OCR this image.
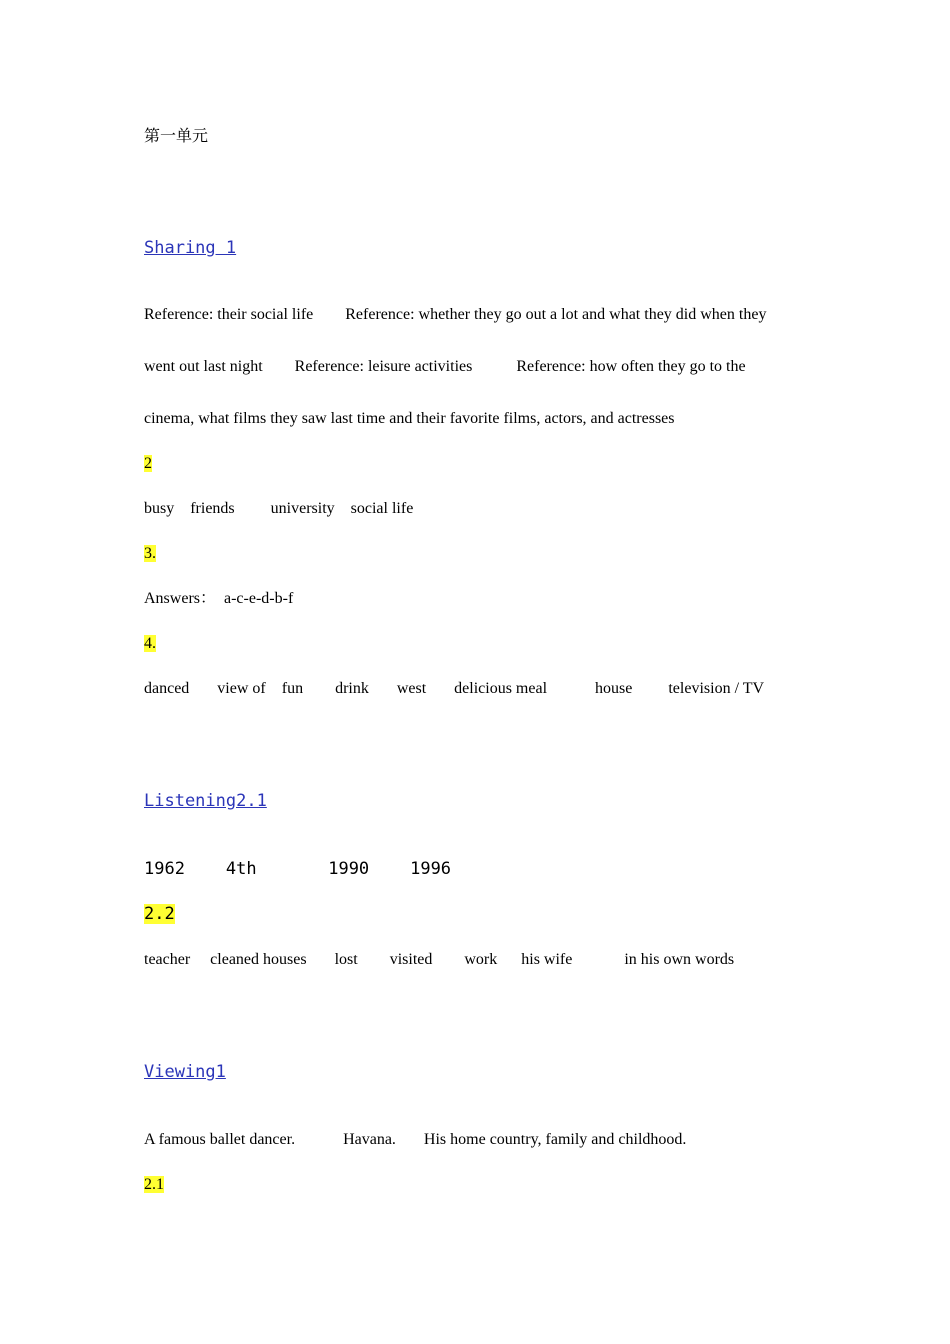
第一单元
Sharing 1
Reference: their social life        Reference: whether they go out a lot and what they did when they
went out last night        Reference: leisure activities           Reference: how often they go to the
cinema, what films they saw last time and their favorite films, actors, and actresses
2
busy    friends         university    social life
3.
Answers：  a-c-e-d-b-f
4.
danced       view of    fun        drink       west       delicious meal            house         television / TV
Listening2.1
1962    4th       1990    1996
2.2
teacher     cleaned houses       lost        visited        work      his wife             in his own words
Viewing1
A famous ballet dancer.            Havana.       His home country, family and childhood.
2.1
